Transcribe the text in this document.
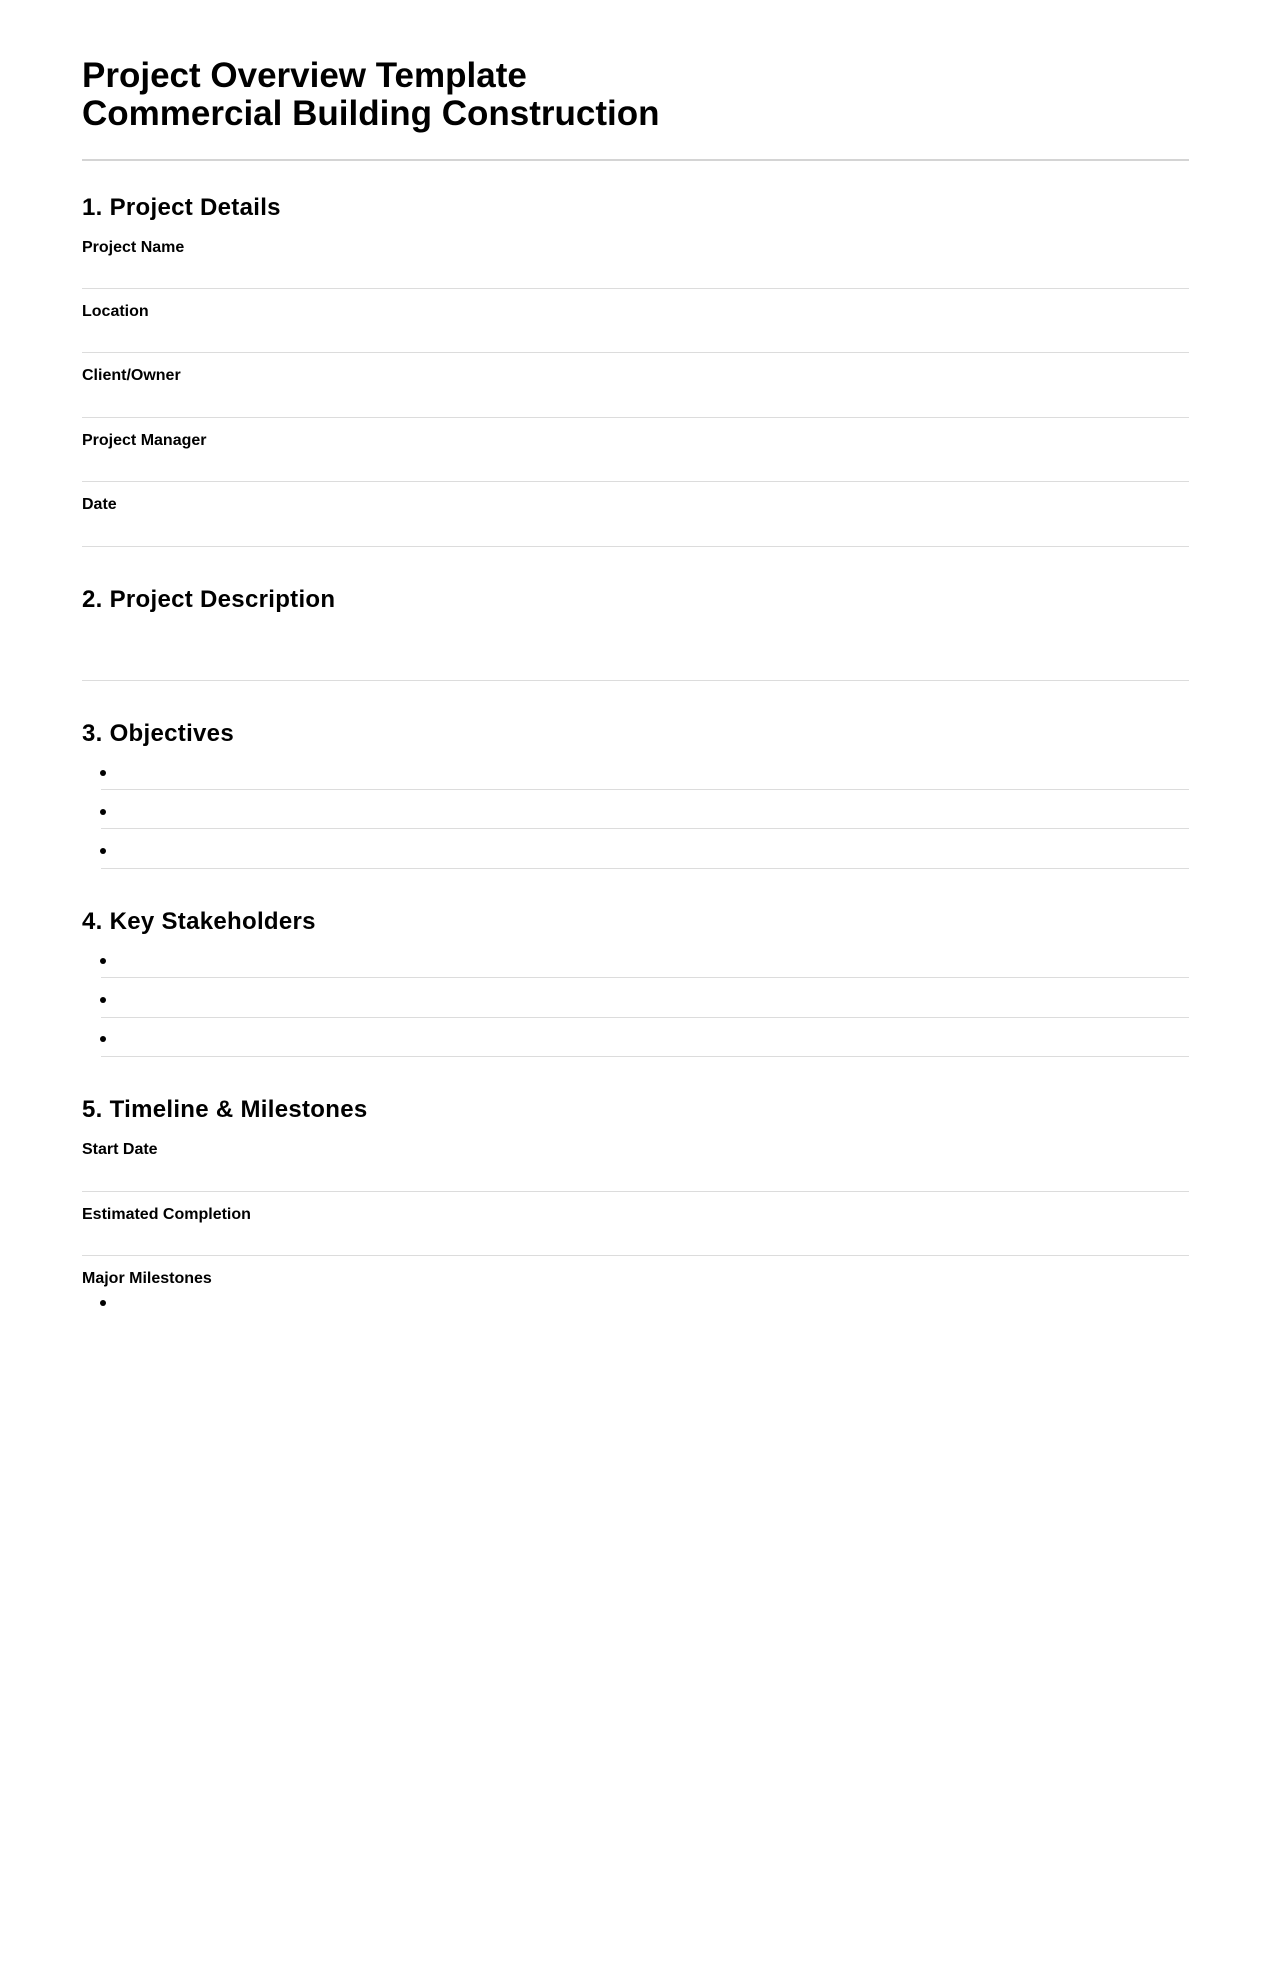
Project Overview Template
Commercial Building Construction
1. Project Details
Project Name
Location
Client/Owner
Project Manager
Date
2. Project Description
3. Objectives
4. Key Stakeholders
5. Timeline & Milestones
Start Date
Estimated Completion
Major Milestones
